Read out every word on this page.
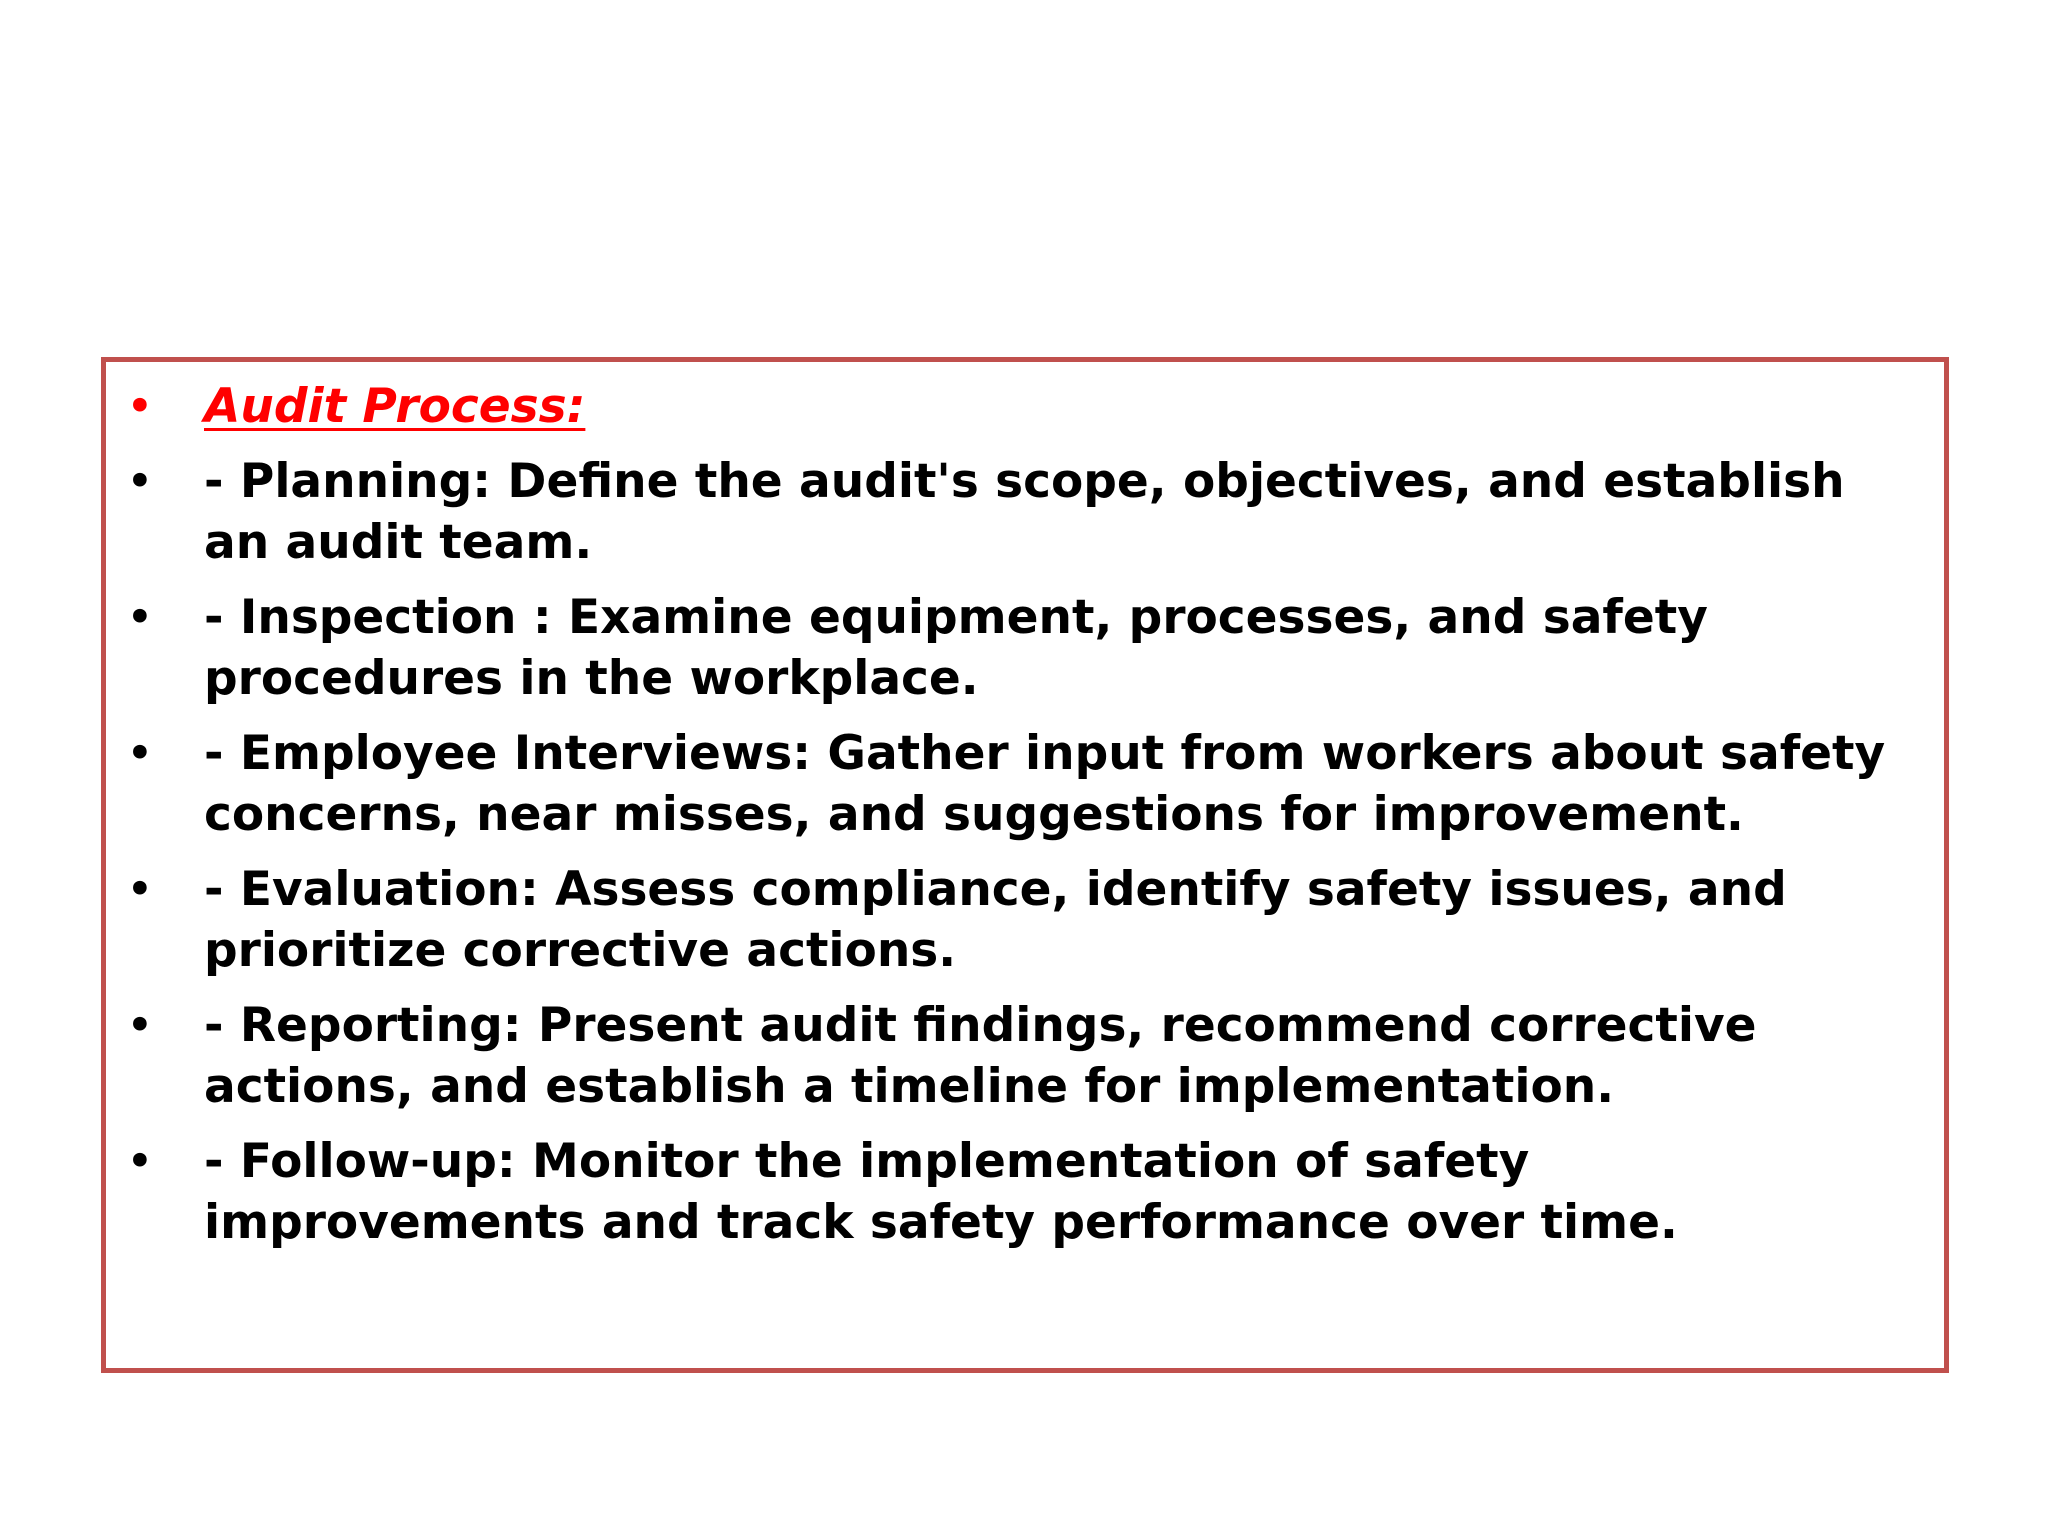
• Audit Process:
• - Planning: Define the audit's scope, objectives, and establish an audit team.
• - Inspection : Examine equipment, processes, and safety procedures in the workplace.
• - Employee Interviews: Gather input from workers about safety concerns, near misses, and suggestions for improvement.
• - Evaluation: Assess compliance, identify safety issues, and prioritize corrective actions.
• - Reporting: Present audit findings, recommend corrective actions, and establish a timeline for implementation.
• - Follow-up: Monitor the implementation of safety improvements and track safety performance over time.
